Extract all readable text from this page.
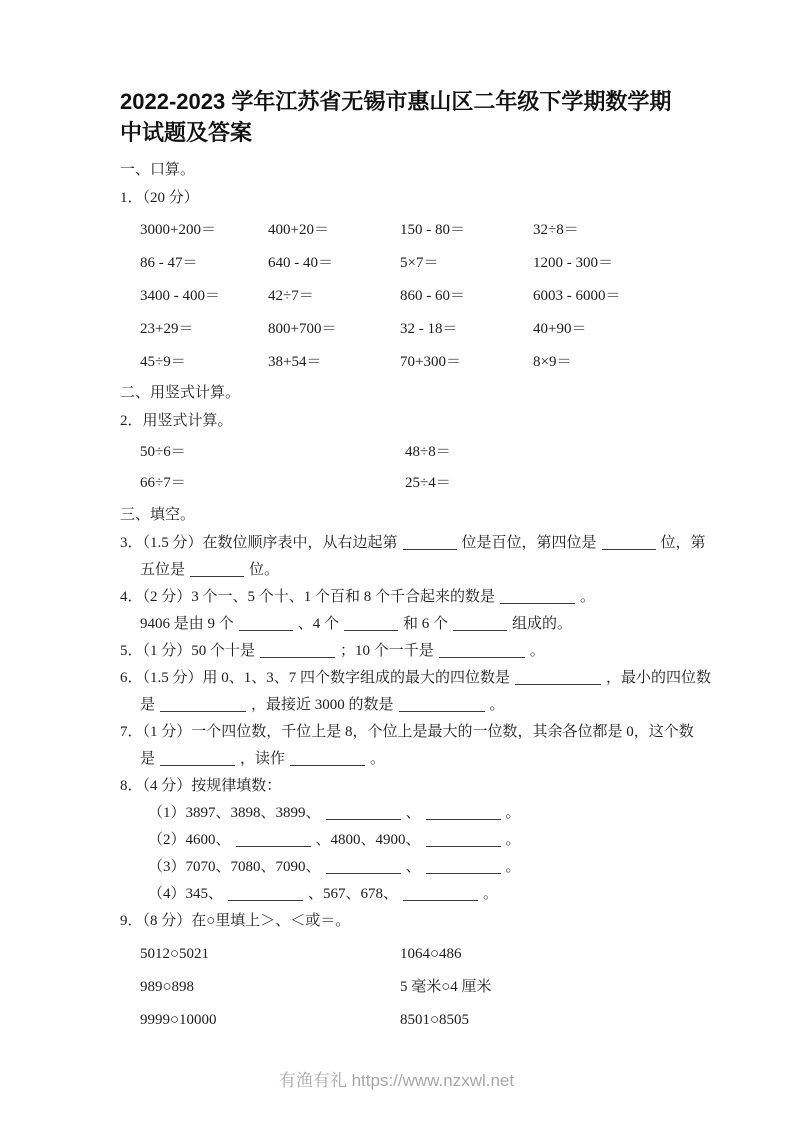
2022-2023 学年江苏省无锡市惠山区二年级下学期数学期中试题及答案
一、口算。
1．（20 分）
3000+200＝	400+20＝	150 - 80＝	32÷8＝
86 - 47＝	640 - 40＝	5×7＝	1200 - 300＝
3400 - 400＝	42÷7＝	860 - 60＝	6003 - 6000＝
23+29＝	800+700＝	32 - 18＝	40+90＝
45÷9＝	38+54＝	70+300＝	8×9＝
二、用竖式计算。
2．用竖式计算。
50÷6＝	48÷8＝
66÷7＝	25÷4＝
三、填空。
3．（1.5 分）在数位顺序表中，从右边起第	位是百位，第四位是	位，第
五位是	位。
4．（2 分）3 个一、5 个十、1 个百和 8 个千合起来的数是	。
9406 是由 9 个	、4 个	和 6 个	组成的。
5．（1 分）50 个十是	；10 个一千是	。
6．（1.5 分）用 0、1、3、7 四个数字组成的最大的四位数是	，最小的四位数
是	，最接近 3000 的数是	。
7．（1 分）一个四位数，千位上是 8，个位上是最大的一位数，其余各位都是 0，这个数
是	，读作	。
8．（4 分）按规律填数：
（1）3897、3898、3899、	、	。
（2）4600、	、4800、4900、	。
（3）7070、7080、7090、	、	。
（4）345、	、567、678、	。
9．（8 分）在○里填上＞、＜或＝。
5012○5021	1064○486
989○898	5 毫米○4 厘米
9999○10000	8501○8505
有渔有礼 https://www.nzxwl.net
